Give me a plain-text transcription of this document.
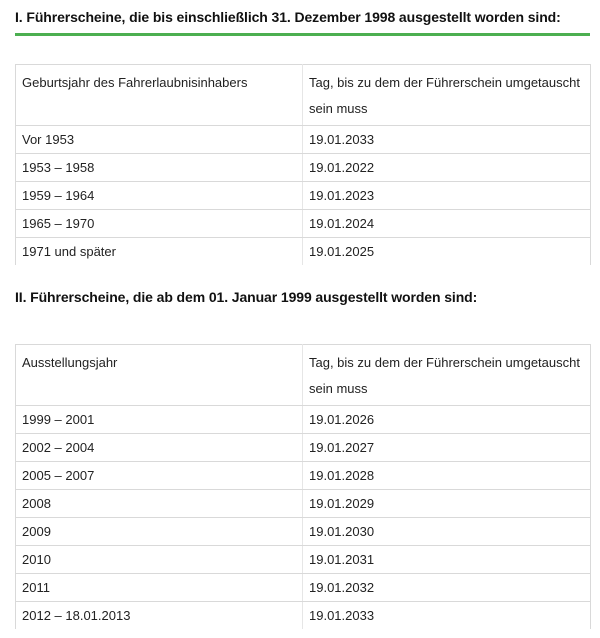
I. Führerscheine, die bis einschließlich 31. Dezember 1998 ausgestellt worden sind:
Geburtsjahr des Fahrerlaubnisinhabers	Tag, bis zu dem der Führerschein umgetauscht sein muss
Vor 1953	19.01.2033
1953 – 1958	19.01.2022
1959 – 1964	19.01.2023
1965 – 1970	19.01.2024
1971 und später	19.01.2025
II. Führerscheine, die ab dem 01. Januar 1999 ausgestellt worden sind:
Ausstellungsjahr	Tag, bis zu dem der Führerschein umgetauscht sein muss
1999 – 2001	19.01.2026
2002 – 2004	19.01.2027
2005 – 2007	19.01.2028
2008	19.01.2029
2009	19.01.2030
2010	19.01.2031
2011	19.01.2032
2012 – 18.01.2013	19.01.2033
